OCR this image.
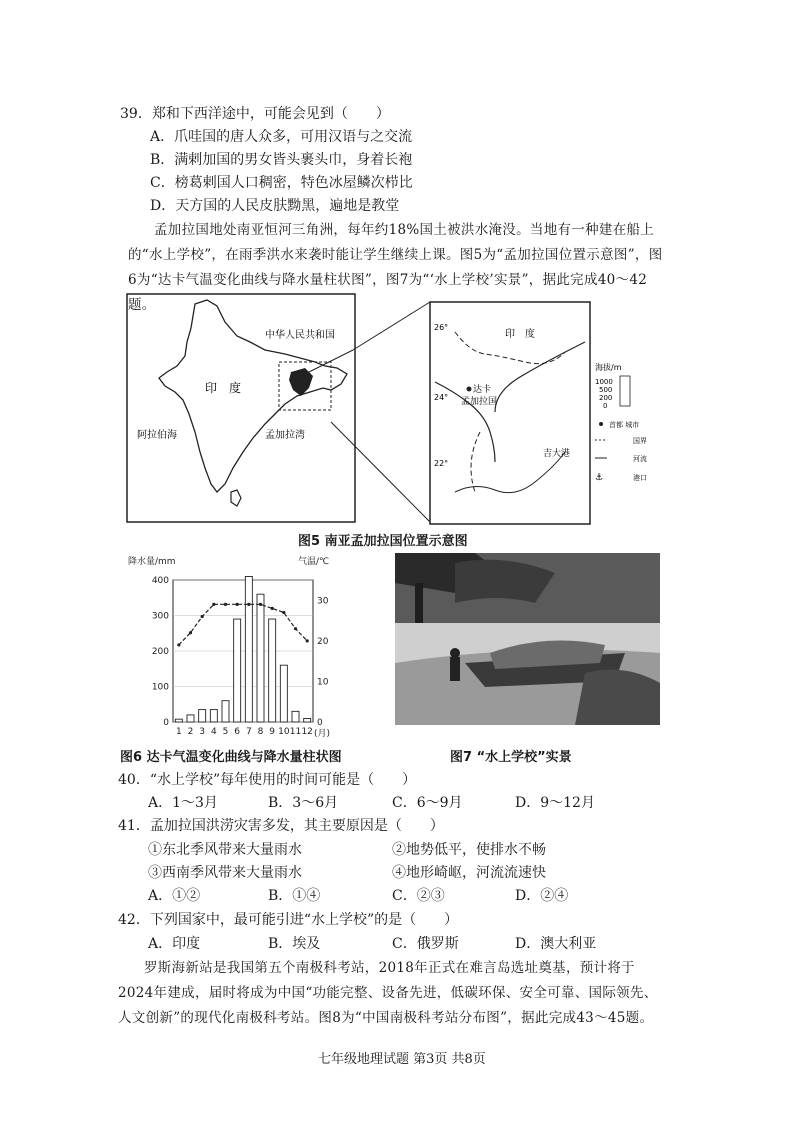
39．郑和下西洋途中，可能会见到（　　）
A．爪哇国的唐人众多，可用汉语与之交流
B．满剌加国的男女皆头裹头巾，身着长袍
C．榜葛剌国人口稠密，特色冰屋鳞次栉比
D．天方国的人民皮肤黝黑，遍地是教堂
孟加拉国地处南亚恒河三角洲，每年约18%国土被洪水淹没。当地有一种建在船上的“水上学校”，在雨季洪水来袭时能让学生继续上课。图5为“孟加拉国位置示意图”，图6为“达卡气温变化曲线与降水量柱状图”，图7为“‘水上学校’实景”，据此完成40～42题。
中华人民共和国
印　度
阿拉伯海	孟加拉湾
印　度
达卡
孟加拉国
吉大港
26°
24°
22°
海拔/m
1000
500
200
0
首都 城市
国界
河流
⚓	港口
图5 南亚孟加拉国位置示意图
降水量/mm	气温/℃
0
100
200
300
400
0
10
20
30
1 2 3 4 5 6 7 8 9 10 11 12 (月)
图6 达卡气温变化曲线与降水量柱状图	图7 “水上学校”实景
40．“水上学校”每年使用的时间可能是（　　）
A．1～3月	B．3～6月	C．6～9月	D．9～12月
41．孟加拉国洪涝灾害多发，其主要原因是（　　）
①东北季风带来大量雨水	②地势低平，使排水不畅
③西南季风带来大量雨水	④地形崎岖，河流流速快
A．①②	B．①④	C．②③	D．②④
42．下列国家中，最可能引进“水上学校”的是（　　）
A．印度	B．埃及	C．俄罗斯	D．澳大利亚
罗斯海新站是我国第五个南极科考站，2018年正式在难言岛选址奠基，预计将于2024年建成，届时将成为中国“功能完整、设备先进，低碳环保、安全可靠、国际领先、人文创新”的现代化南极科考站。图8为“中国南极科考站分布图”，据此完成43～45题。
七年级地理试题 第3页 共8页
